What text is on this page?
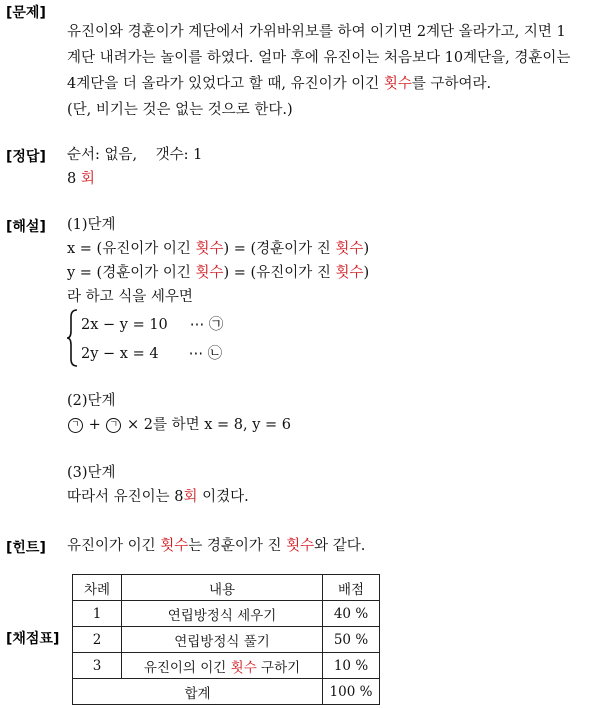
[문제]
[정답]
[해설]
[힌트]
[채점표]
유진이와 경훈이가 계단에서 가위바위보를 하여 이기면 2계단 올라가고, 지면 1
계단 내려가는 놀이를 하였다. 얼마 후에 유진이는 처음보다 10계단을, 경훈이는
4계단을 더 올라가 있었다고 할 때, 유진이가 이긴 횟수를 구하여라.
(단, 비기는 것은 없는 것으로 한다.)
순서: 없음,    갯수: 1
8 회
(1)단계
x = (유진이가 이긴 횟수) = (경훈이가 진 횟수)
y = (경훈이가 이긴 횟수) = (유진이가 진 횟수)
라 하고 식을 세우면
2x − y = 10 ⋯ ㉠
2y − x = 4 ⋯ ㉡
(2)단계
ㄱ + ㄱ × 2를 하면 x = 8, y = 6
(3)단계
따라서 유진이는 8회 이겼다.
유진이가 이긴 횟수는 경훈이가 진 횟수와 같다.
차례	내용	배점
1	연립방정식 세우기	40 %
2	연립방정식 풀기	50 %
3	유진이의 이긴 횟수 구하기	10 %
합계		100 %
